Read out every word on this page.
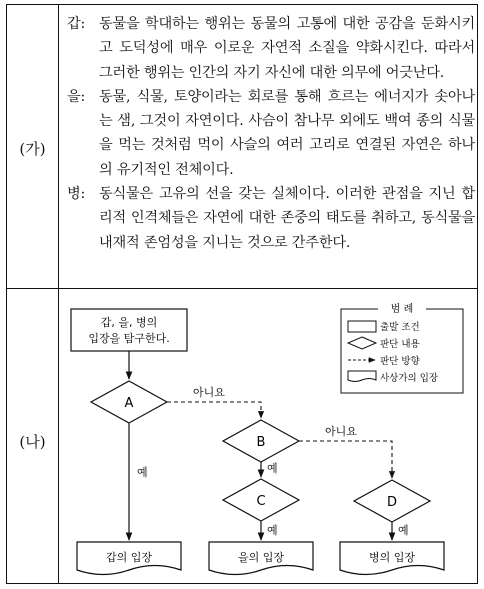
(가)
(나)
갑: 동물을 학대하는 행위는 동물의 고통에 대한 공감을 둔화시키고 도덕성에 매우 이로운 자연적 소질을 약화시킨다. 따라서 그러한 행위는 인간의 자기 자신에 대한 의무에 어긋난다.
을: 동물, 식물, 토양이라는 회로를 통해 흐르는 에너지가 솟아나는 샘, 그것이 자연이다. 사슴이 참나무 외에도 백여 종의 식물을 먹는 것처럼 먹이 사슬의 여러 고리로 연결된 자연은 하나의 유기적인 전체이다.
병: 동식물은 고유의 선을 갖는 실체이다. 이러한 관점을 지닌 합리적 인격체들은 자연에 대한 존중의 태도를 취하고, 동식물을 내재적 존엄성을 지니는 것으로 간주한다.
갑, 을, 병의
입장을 탐구한다.
A
아니요
예
B
아니요
예
C
예
D
예
갑의 입장	을의 입장	병의 입장
범 례
출발 조건
판단 내용
판단 방향
사상가의 입장
